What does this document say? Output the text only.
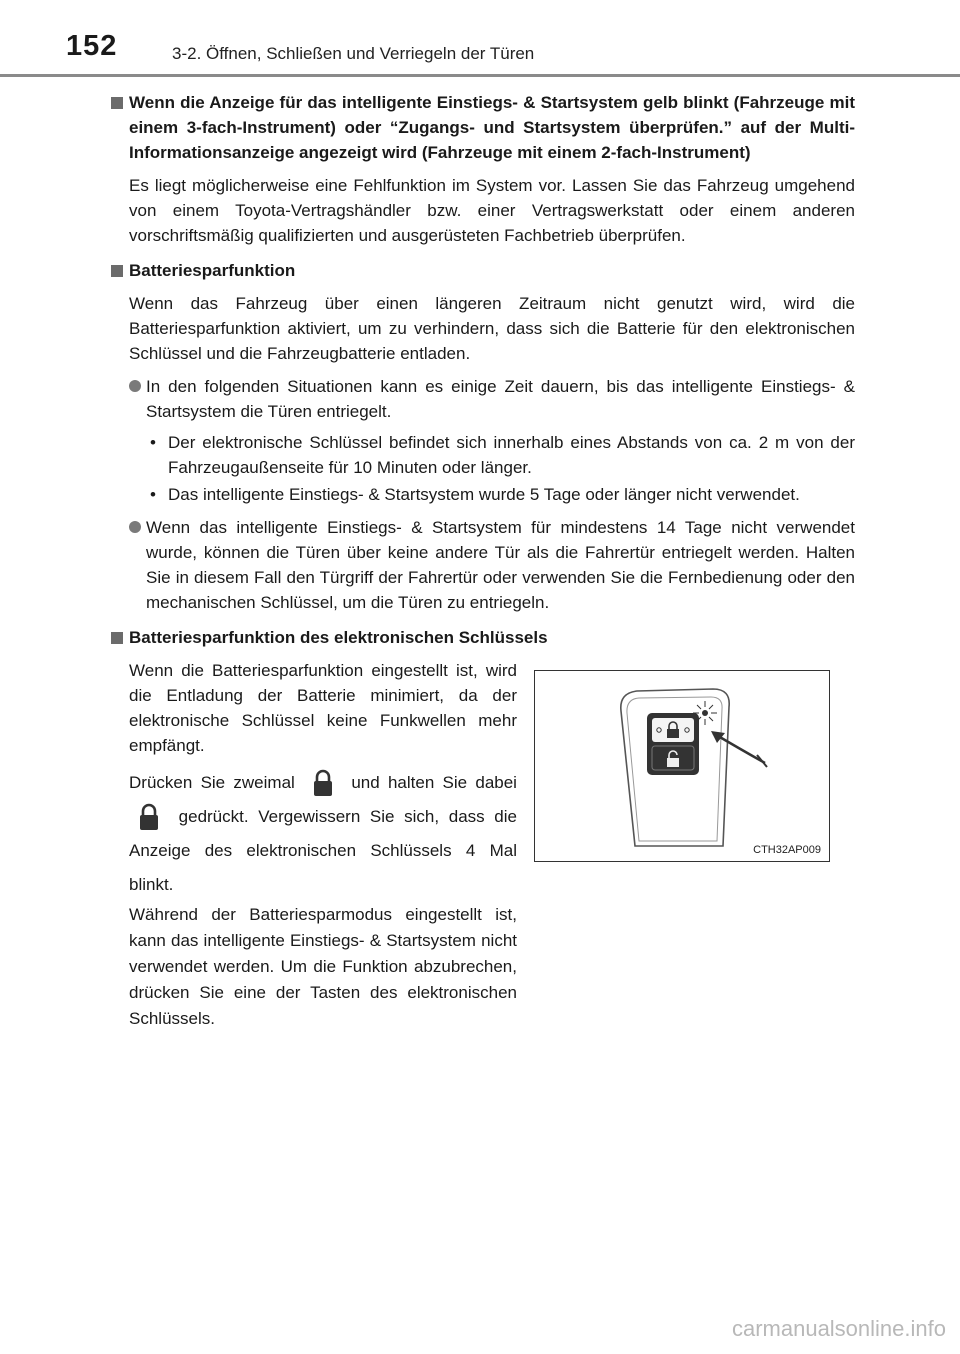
152	3-2. Öffnen, Schließen und Verriegeln der Türen
Wenn die Anzeige für das intelligente Einstiegs- & Startsystem gelb blinkt (Fahrzeuge mit einem 3-fach-Instrument) oder “Zugangs- und Startsystem überprüfen.” auf der Multi-Informationsanzeige angezeigt wird (Fahrzeuge mit einem 2-fach-Instrument)
Es liegt möglicherweise eine Fehlfunktion im System vor. Lassen Sie das Fahrzeug umgehend von einem Toyota-Vertragshändler bzw. einer Vertragswerkstatt oder einem anderen vorschriftsmäßig qualifizierten und ausgerüsteten Fachbetrieb überprüfen.
Batteriesparfunktion
Wenn das Fahrzeug über einen längeren Zeitraum nicht genutzt wird, wird die Batteriesparfunktion aktiviert, um zu verhindern, dass sich die Batterie für den elektronischen Schlüssel und die Fahrzeugbatterie entladen.
In den folgenden Situationen kann es einige Zeit dauern, bis das intelligente Einstiegs- & Startsystem die Türen entriegelt.
• Der elektronische Schlüssel befindet sich innerhalb eines Abstands von ca. 2 m von der Fahrzeugaußenseite für 10 Minuten oder länger.
• Das intelligente Einstiegs- & Startsystem wurde 5 Tage oder länger nicht verwendet.
Wenn das intelligente Einstiegs- & Startsystem für mindestens 14 Tage nicht verwendet wurde, können die Türen über keine andere Tür als die Fahrertür entriegelt werden. Halten Sie in diesem Fall den Türgriff der Fahrertür oder verwenden Sie die Fernbedienung oder den mechanischen Schlüssel, um die Türen zu entriegeln.
Batteriesparfunktion des elektronischen Schlüssels

Wenn die Batteriesparfunktion eingestellt ist, wird die Entladung der Batterie minimiert, da der elektronische Schlüssel keine Funkwellen mehr empfängt.

Drücken Sie zweimal	und halten Sie dabei  gedrückt. Vergewissern Sie sich, dass die Anzeige des elektronischen Schlüssels 4 Mal blinkt.

Während der Batteriesparmodus eingestellt ist, kann das intelligente Einstiegs- & Startsystem nicht verwendet werden. Um die Funktion abzubrechen, drücken Sie eine der Tasten des elektronischen Schlüssels.

CTH32AP009
carmanualsonline.info
